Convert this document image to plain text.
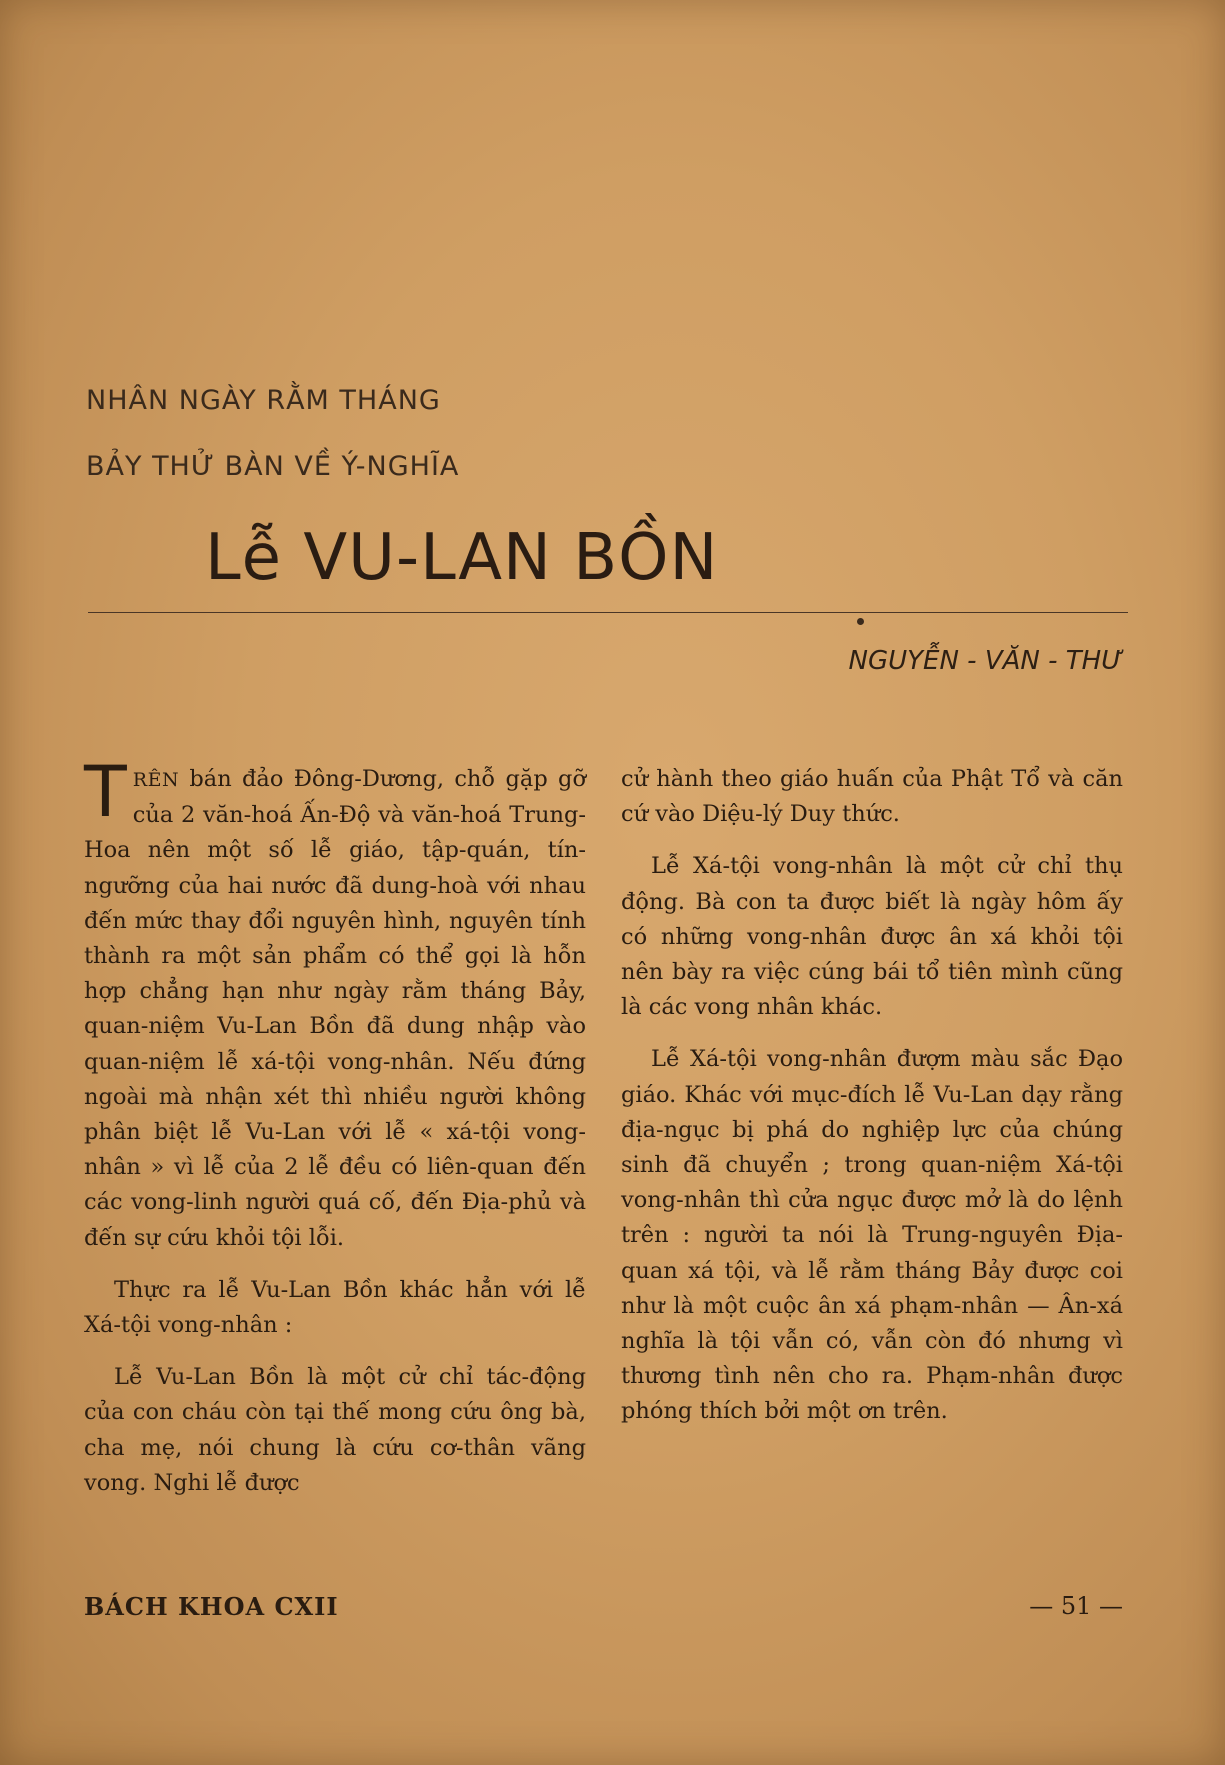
NHÂN NGÀY RẰM THÁNG
BẢY THỬ BÀN VỀ Ý-NGHĨA
Lễ VU-LAN BỒN
NGUYỄN - VĂN - THƯ

TRÊN bán đảo Đông-Dương, chỗ gặp gỡ của 2 văn-hoá Ấn-Độ và văn-hoá Trung-Hoa nên một số lễ giáo, tập-quán, tín-ngưỡng của hai nước đã dung-hoà với nhau đến mức thay đổi nguyên hình, nguyên tính thành ra một sản phẩm có thể gọi là hỗn hợp chẳng hạn như ngày rằm tháng Bảy, quan-niệm Vu-Lan Bồn đã dung nhập vào quan-niệm lễ xá-tội vong-nhân. Nếu đứng ngoài mà nhận xét thì nhiều người không phân biệt lễ Vu-Lan với lễ « xá-tội vong-nhân » vì lễ của 2 lễ đều có liên-quan đến các vong-linh người quá cố, đến Địa-phủ và đến sự cứu khỏi tội lỗi.

Thực ra lễ Vu-Lan Bồn khác hẳn với lễ Xá-tội vong-nhân :

Lễ Vu-Lan Bồn là một cử chỉ tác-động của con cháu còn tại thế mong cứu ông bà, cha mẹ, nói chung là cứu cơ-thân vãng vong. Nghi lễ được

cử hành theo giáo huấn của Phật Tổ và căn cứ vào Diệu-lý Duy thức.

Lễ Xá-tội vong-nhân là một cử chỉ thụ động. Bà con ta được biết là ngày hôm ấy có những vong-nhân được ân xá khỏi tội nên bày ra việc cúng bái tổ tiên mình cũng là các vong nhân khác.

Lễ Xá-tội vong-nhân đượm màu sắc Đạo giáo. Khác với mục-đích lễ Vu-Lan dạy rằng địa-ngục bị phá do nghiệp lực của chúng sinh đã chuyển ; trong quan-niệm Xá-tội vong-nhân thì cửa ngục được mở là do lệnh trên : người ta nói là Trung-nguyên Địa-quan xá tội, và lễ rằm tháng Bảy được coi như là một cuộc ân xá phạm-nhân — Ân-xá nghĩa là tội vẫn có, vẫn còn đó nhưng vì thương tình nên cho ra. Phạm-nhân được phóng thích bởi một ơn trên.

BÁCH KHOA CXII	— 51 —
